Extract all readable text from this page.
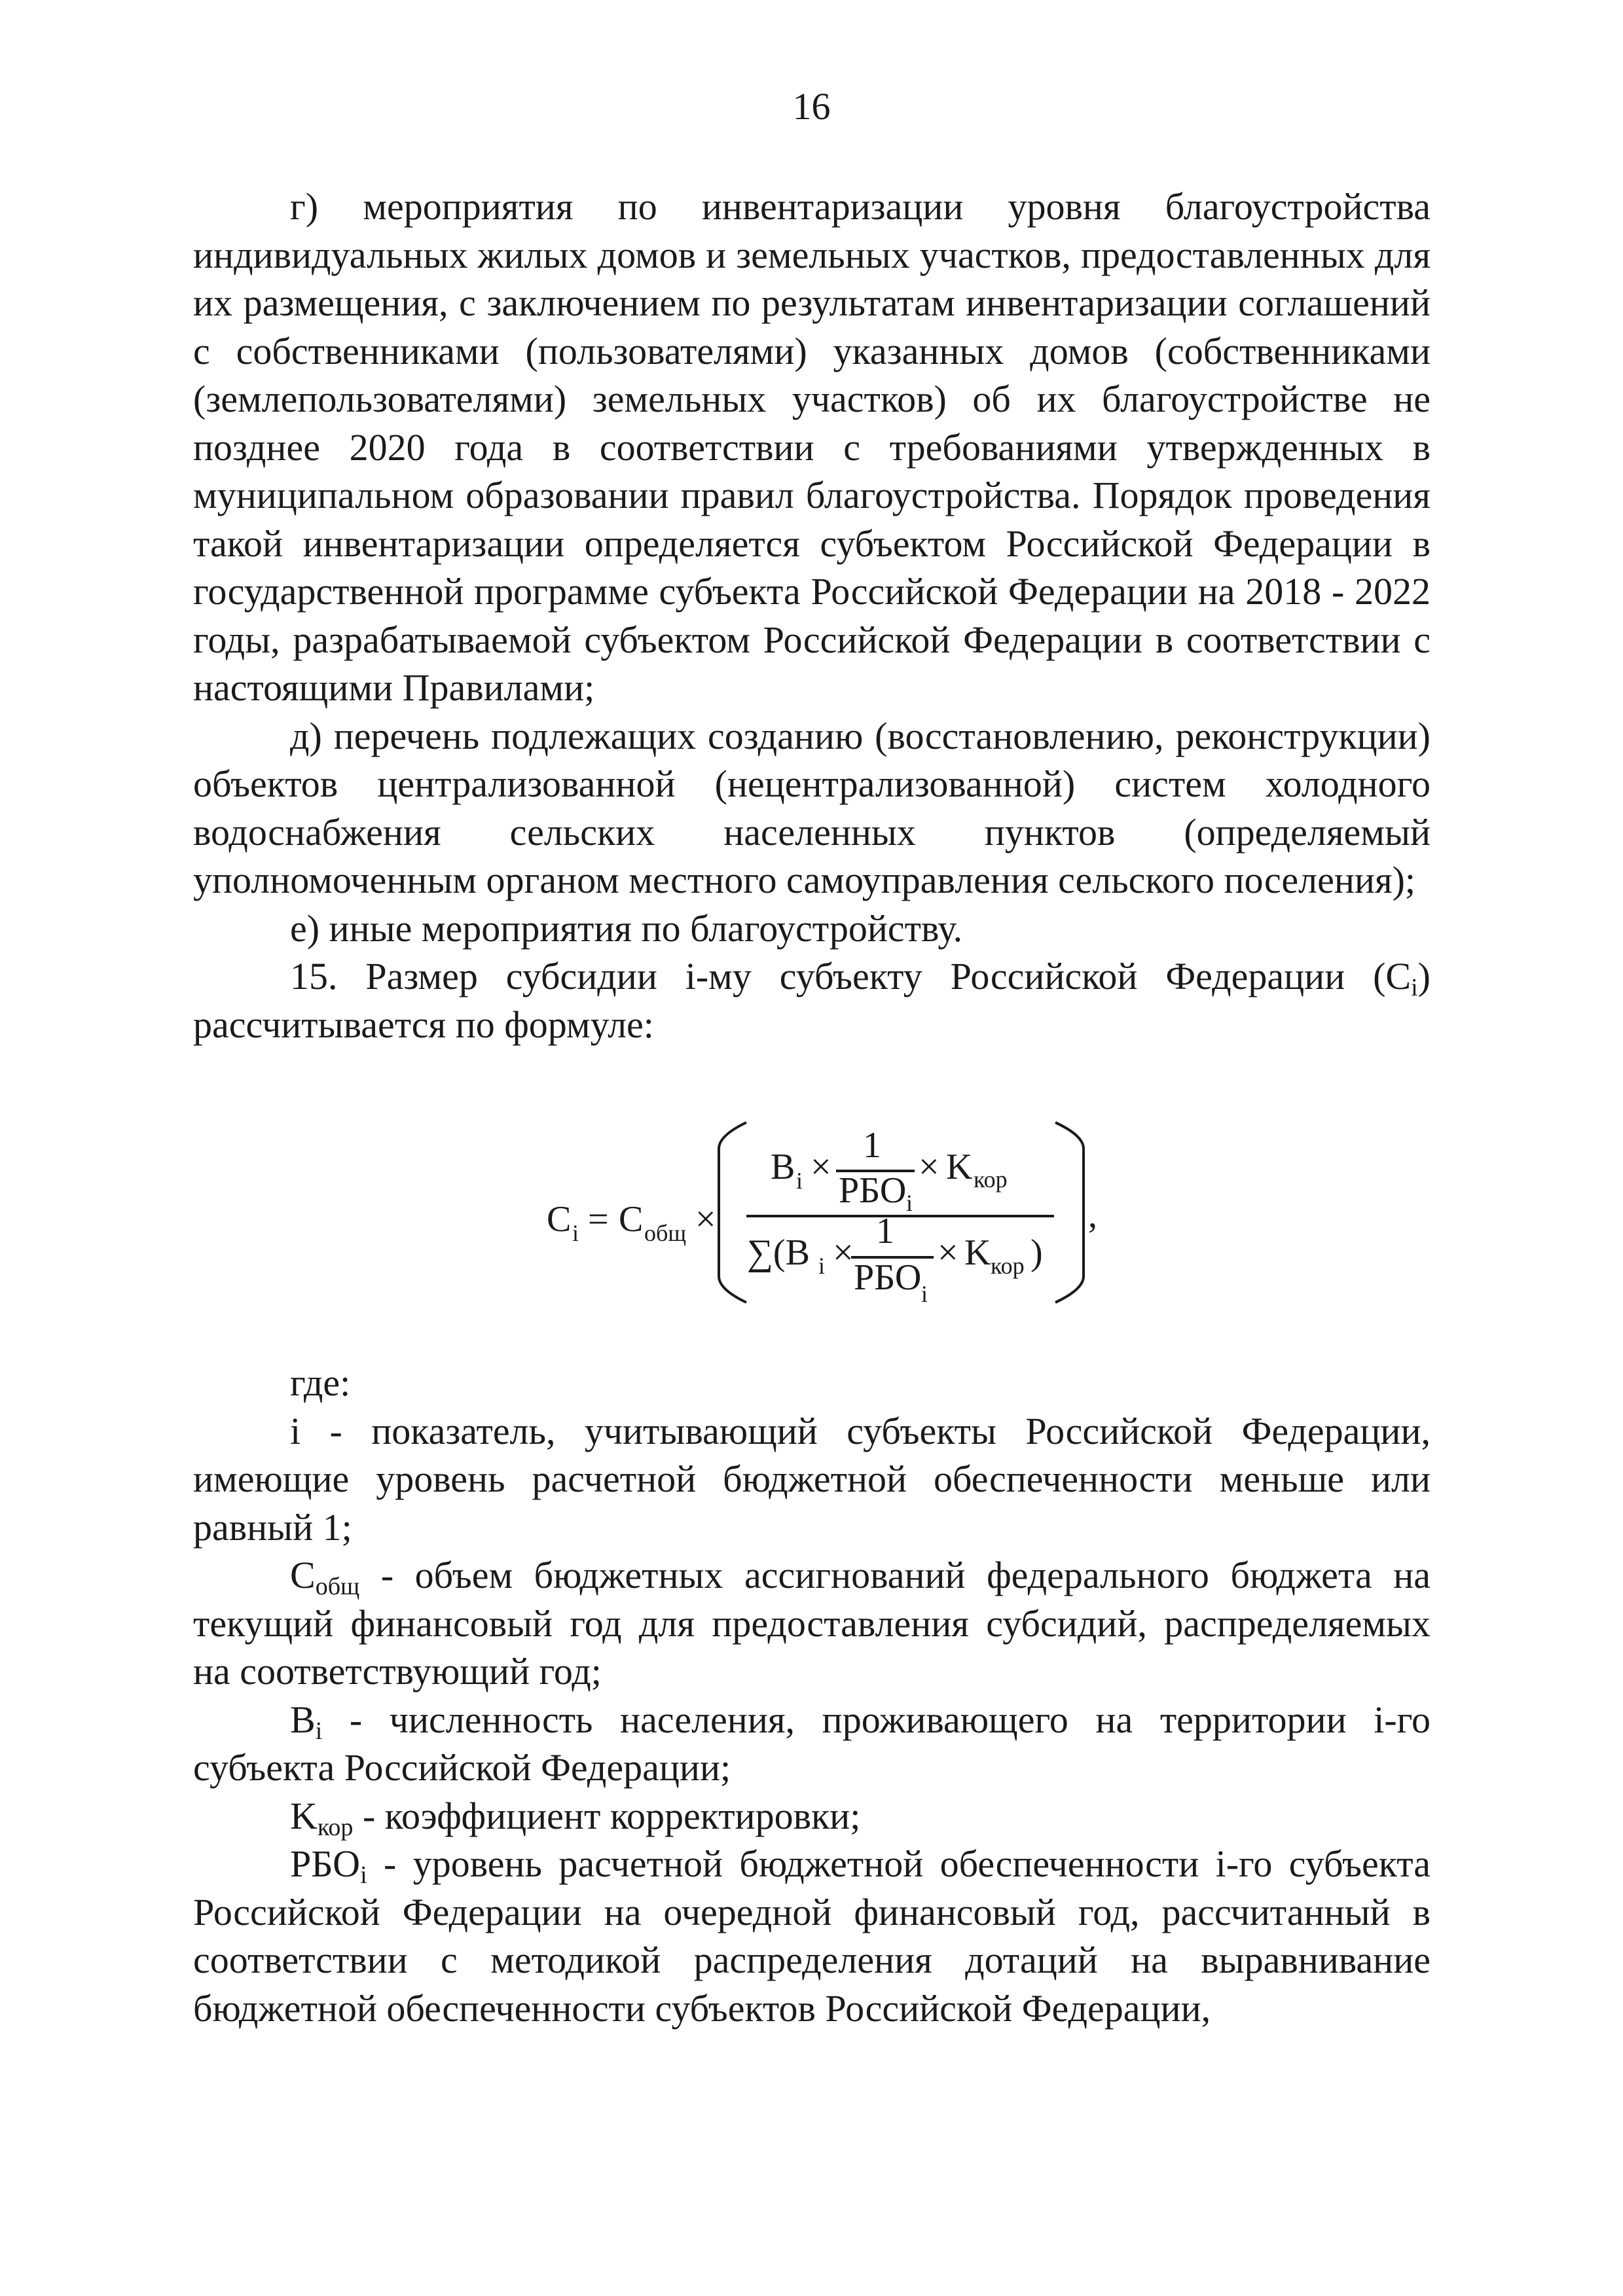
16

г) мероприятия по инвентаризации уровня благоустройства индивидуальных жилых домов и земельных участков, предоставленных для их размещения, с заключением по результатам инвентаризации соглашений с собственниками (пользователями) указанных домов (собственниками (землепользователями) земельных участков) об их благоустройстве не позднее 2020 года в соответствии с требованиями утвержденных в муниципальном образовании правил благоустройства. Порядок проведения такой инвентаризации определяется субъектом Российской Федерации в государственной программе субъекта Российской Федерации на 2018 - 2022 годы, разрабатываемой субъектом Российской Федерации в соответствии с настоящими Правилами;

д) перечень подлежащих созданию (восстановлению, реконструкции) объектов централизованной (нецентрализованной) систем холодного водоснабжения сельских населенных пунктов (определяемый уполномоченным органом местного самоуправления сельского поселения);

е) иные мероприятия по благоустройству.

15. Размер субсидии i-му субъекту Российской Федерации $(C_i)$ рассчитывается по формуле:

C i = C общ ×
B i ×
1
РБО i
× K кор
∑(B i ×
1
РБО i
× K кор )
,

где:

i - показатель, учитывающий субъекты Российской Федерации, имеющие уровень расчетной бюджетной обеспеченности меньше или равный 1;

$C_{общ}$ - объем бюджетных ассигнований федерального бюджета на текущий финансовый год для предоставления субсидий, распределяемых на соответствующий год;

$B_i$ - численность населения, проживающего на территории i-го субъекта Российской Федерации;

$K_{кор}$ - коэффициент корректировки;

$РБО_i$ - уровень расчетной бюджетной обеспеченности i-го субъекта Российской Федерации на очередной финансовый год, рассчитанный в соответствии с методикой распределения дотаций на выравнивание бюджетной обеспеченности субъектов Российской Федерации,
